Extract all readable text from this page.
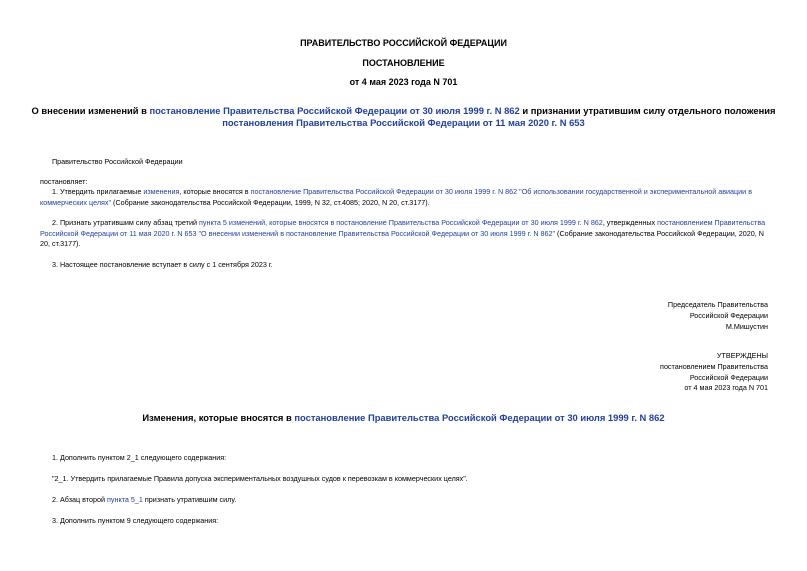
ПРАВИТЕЛЬСТВО РОССИЙСКОЙ ФЕДЕРАЦИИ
ПОСТАНОВЛЕНИЕ
от 4 мая 2023 года N 701
О внесении изменений в постановление Правительства Российской Федерации от 30 июля 1999 г. N 862 и признании утратившим силу отдельного положения постановления Правительства Российской Федерации от 11 мая 2020 г. N 653
Правительство Российской Федерации
постановляет:
1. Утвердить прилагаемые изменения, которые вносятся в постановление Правительства Российской Федерации от 30 июля 1999 г. N 862 "Об использовании государственной и экспериментальной авиации в коммерческих целях" (Собрание законодательства Российской Федерации, 1999, N 32, ст.4085; 2020, N 20, ст.3177).
2. Признать утратившим силу абзац третий пункта 5 изменений, которые вносятся в постановление Правительства Российской Федерации от 30 июля 1999 г. N 862, утвержденных постановлением Правительства Российской Федерации от 11 мая 2020 г. N 653 "О внесении изменений в постановление Правительства Российской Федерации от 30 июля 1999 г. N 862" (Собрание законодательства Российской Федерации, 2020, N 20, ст.3177).
3. Настоящее постановление вступает в силу с 1 сентября 2023 г.
Председатель Правительства
Российской Федерации
М.Мишустин
УТВЕРЖДЕНЫ
постановлением Правительства
Российской Федерации
от 4 мая 2023 года N 701
Изменения, которые вносятся в постановление Правительства Российской Федерации от 30 июля 1999 г. N 862
1. Дополнить пунктом 2_1 следующего содержания:
"2_1. Утвердить прилагаемые Правила допуска экспериментальных воздушных судов к перевозкам в коммерческих целях".
2. Абзац второй пункта 5_1 признать утратившим силу.
3. Дополнить пунктом 9 следующего содержания:
